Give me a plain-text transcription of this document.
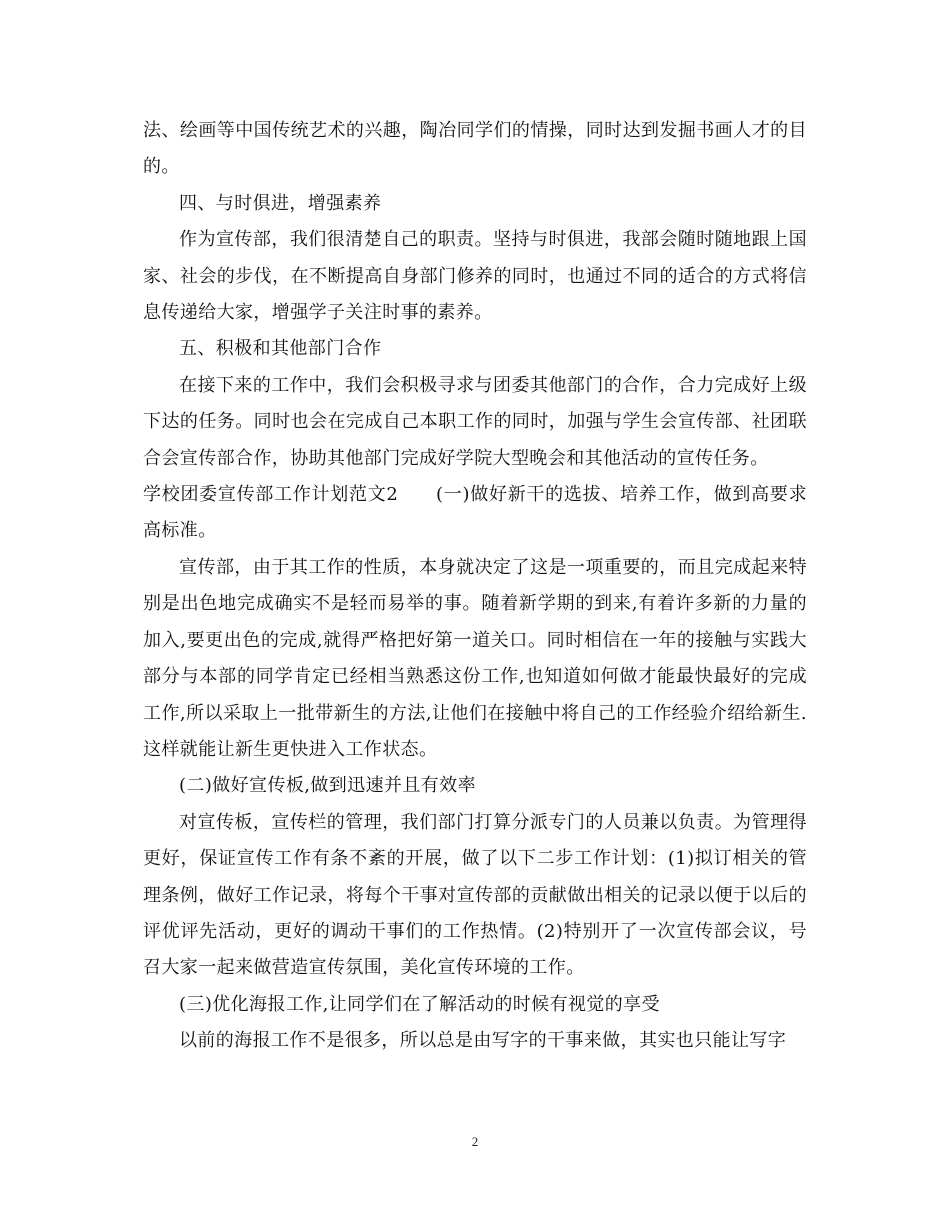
法、绘画等中国传统艺术的兴趣，陶冶同学们的情操，同时达到发掘书画人才的目的。

四、与时俱进，增强素养

作为宣传部，我们很清楚自己的职责。坚持与时俱进，我部会随时随地跟上国家、社会的步伐，在不断提高自身部门修养的同时，也通过不同的适合的方式将信息传递给大家，增强学子关注时事的素养。

五、积极和其他部门合作

在接下来的工作中，我们会积极寻求与团委其他部门的合作，合力完成好上级下达的任务。同时也会在完成自己本职工作的同时，加强与学生会宣传部、社团联合会宣传部合作，协助其他部门完成好学院大型晚会和其他活动的宣传任务。

学校团委宣传部工作计划范文2　　(一)做好新干的选拔、培养工作，做到高要求高标准。

宣传部，由于其工作的性质，本身就决定了这是一项重要的，而且完成起来特别是出色地完成确实不是轻而易举的事。随着新学期的到来,有着许多新的力量的加入,要更出色的完成,就得严格把好第一道关口。同时相信在一年的接触与实践大部分与本部的同学肯定已经相当熟悉这份工作,也知道如何做才能最快最好的完成工作,所以采取上一批带新生的方法,让他们在接触中将自己的工作经验介绍给新生.这样就能让新生更快进入工作状态。

(二)做好宣传板,做到迅速并且有效率

对宣传板，宣传栏的管理，我们部门打算分派专门的人员兼以负责。为管理得更好，保证宣传工作有条不紊的开展，做了以下二步工作计划：(1)拟订相关的管理条例，做好工作记录，将每个干事对宣传部的贡献做出相关的记录以便于以后的评优评先活动，更好的调动干事们的工作热情。(2)特别开了一次宣传部会议，号召大家一起来做营造宣传氛围，美化宣传环境的工作。

(三)优化海报工作,让同学们在了解活动的时候有视觉的享受

以前的海报工作不是很多，所以总是由写字的干事来做，其实也只能让写字

2
